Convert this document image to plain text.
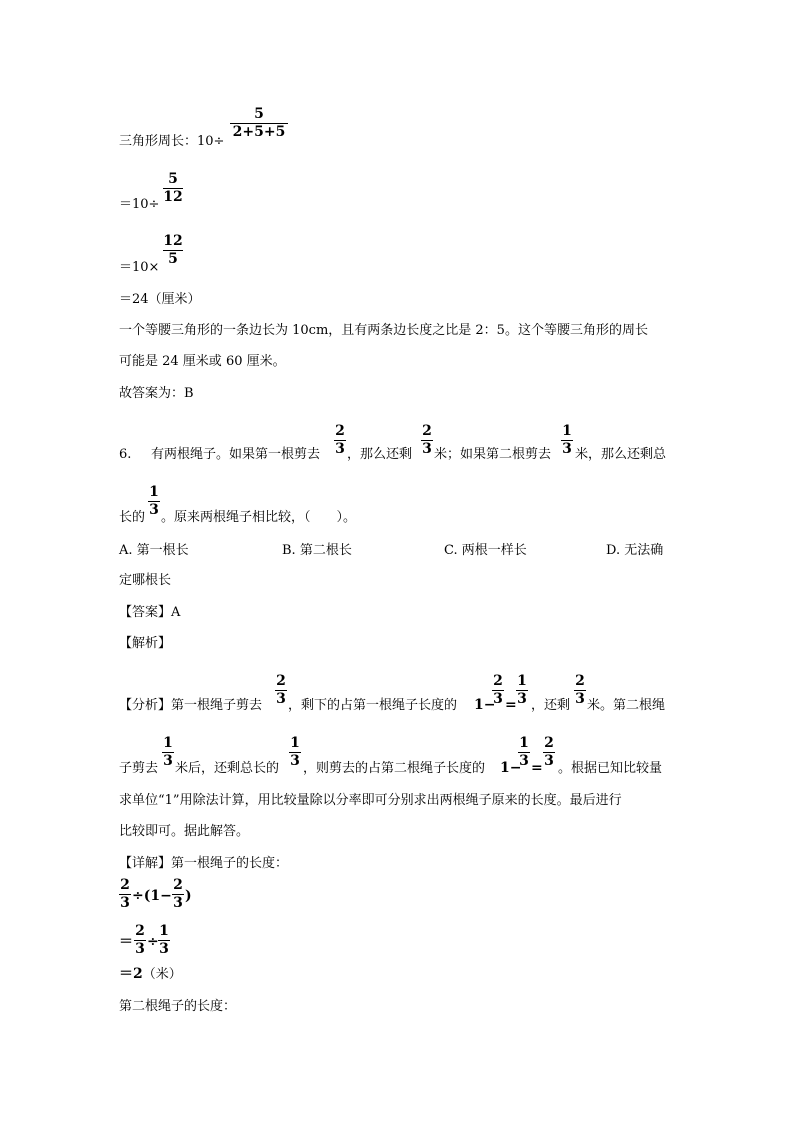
三角形周长：10÷
5
2+5+5
＝10÷
5
12
＝10×
12
5
＝24（厘米）
一个等腰三角形的一条边长为 10cm，且有两条边长度之比是 2：5。这个等腰三角形的周长
可能是 24 厘米或 60 厘米。
故答案为：B
6. 有两根绳子。如果第一根剪去
2
3 ，那么还剩
2
3 米；如果第二根剪去
1
3 米，那么还剩总
长的
1
3 。原来两根绳子相比较，（　　）。
A. 第一根长	B. 第二根长	C. 两根一样长	D. 无法确
定哪根长
【答案】A
【解析】
【分析】第一根绳子剪去
2
3 ，剩下的占第一根绳子长度的 1−
2
3 =
1
3 ，还剩
2
3 米。第二根绳
子剪去
1
3 米后，还剩总长的
1
3 ，则剪去的占第二根绳子长度的 1−
1
3 =
2
3 。根据已知比较量
求单位“1”用除法计算，用比较量除以分率即可分别求出两根绳子原来的长度。最后进行
比较即可。据此解答。
【详解】第一根绳子的长度：
2
3 ÷(1−
2
3 )
＝
2
3 ÷
1
3
＝2（米）
第二根绳子的长度：
